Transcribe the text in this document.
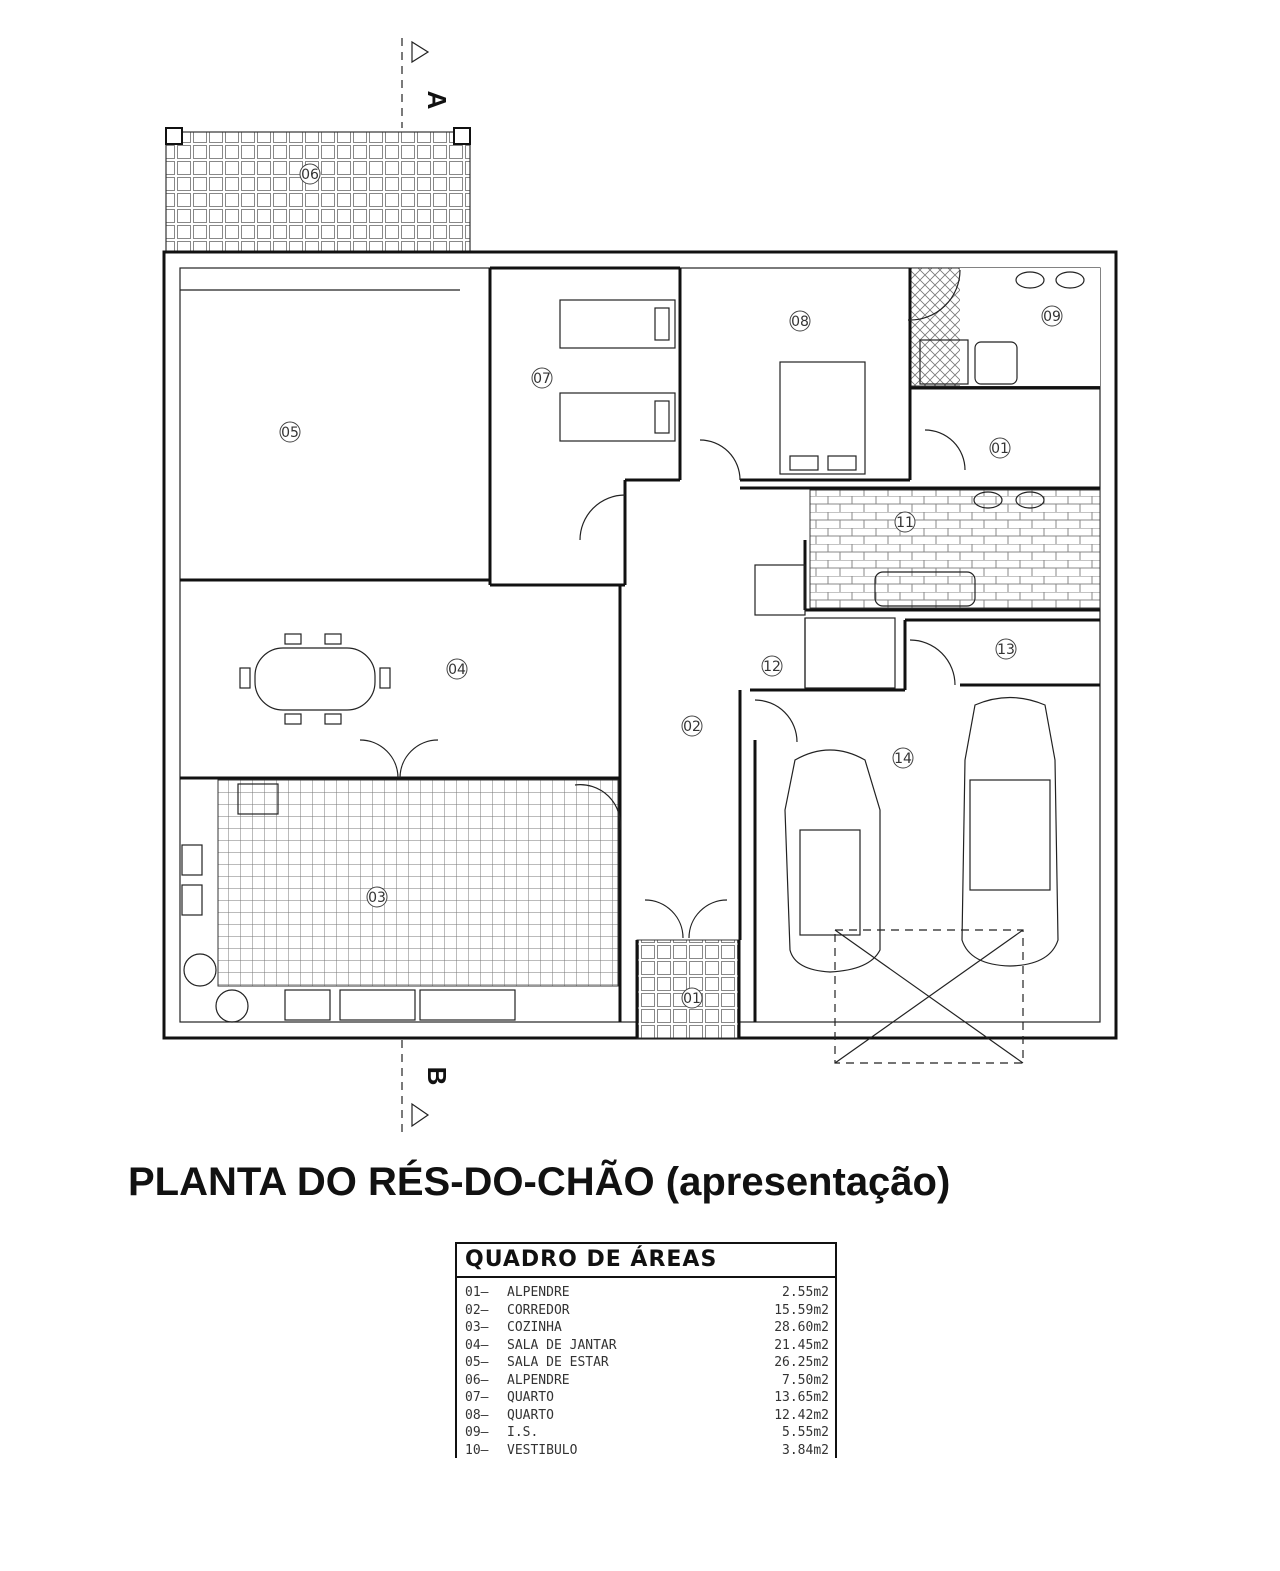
06
05
07
08	09
01
11
04	12
13
02
14
03
01
A
B
PLANTA DO RÉS-DO-CHÃO (apresentação)
QUADRO DE ÁREAS
01–	ALPENDRE	2.55m2
02–	CORREDOR	15.59m2
03–	COZINHA	28.60m2
04–	SALA DE JANTAR	21.45m2
05–	SALA DE ESTAR	26.25m2
06–	ALPENDRE	7.50m2
07–	QUARTO	13.65m2
08–	QUARTO	12.42m2
09–	I.S.	5.55m2
10–	VESTIBULO	3.84m2
